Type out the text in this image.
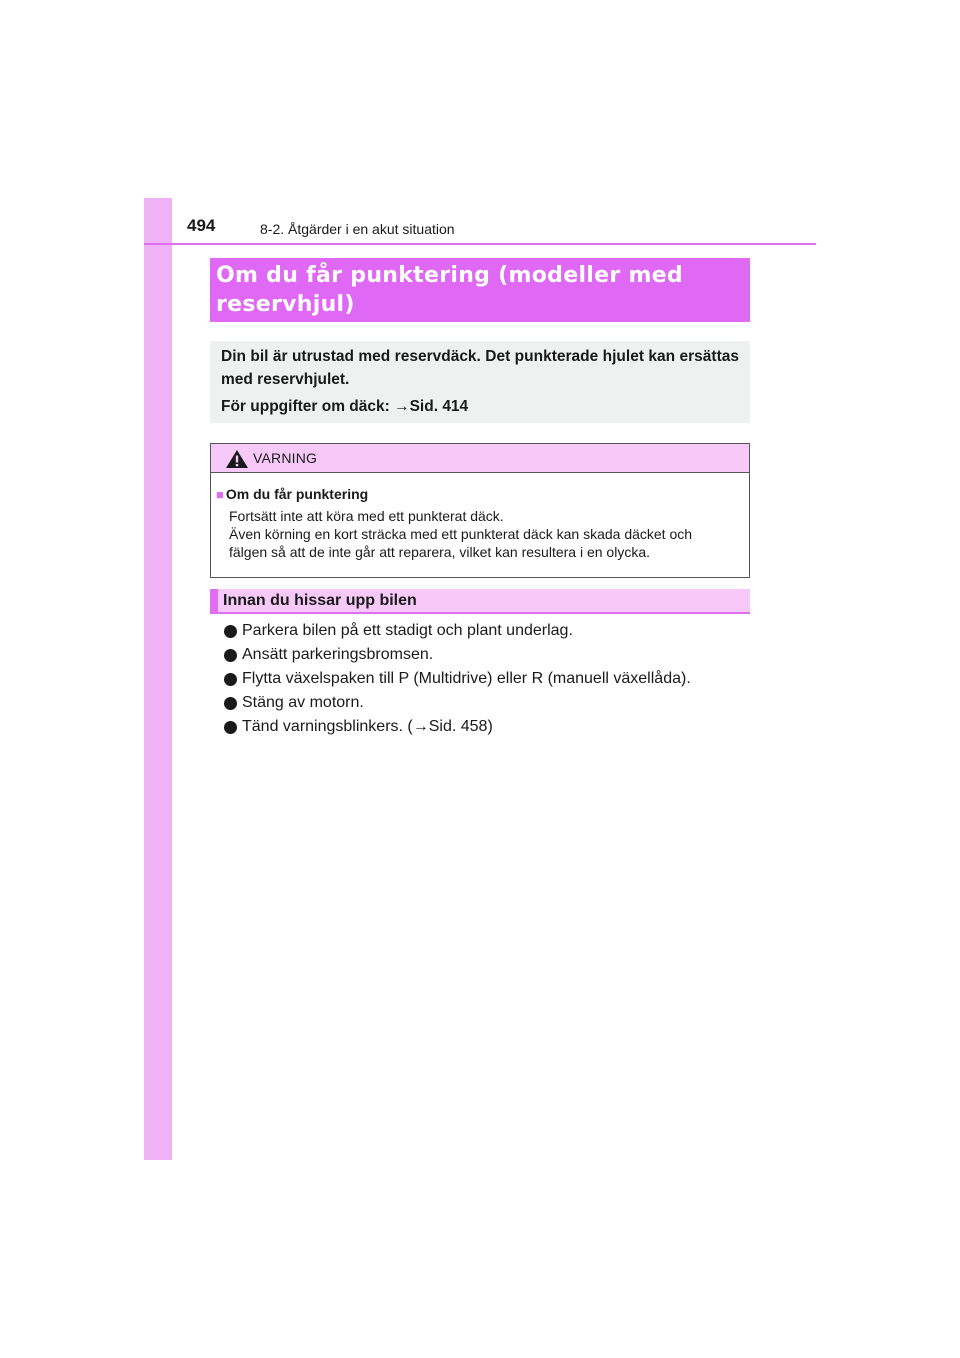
494	8-2. Åtgärder i en akut situation
Om du får punktering (modeller med
reservhjul)

Din bil är utrustad med reservdäck. Det punkterade hjulet kan ersättas med reservhjulet.

För uppgifter om däck: →Sid. 414

VARNING
■ Om du får punktering

Fortsätt inte att köra med ett punkterat däck.

Även körning en kort sträcka med ett punkterat däck kan skada däcket och

fälgen så att de inte går att reparera, vilket kan resultera i en olycka.

Innan du hissar upp bilen
Parkera bilen på ett stadigt och plant underlag.
Ansätt parkeringsbromsen.
Flytta växelspaken till P (Multidrive) eller R (manuell växellåda).
Stäng av motorn.
Tänd varningsblinkers. (→Sid. 458)
